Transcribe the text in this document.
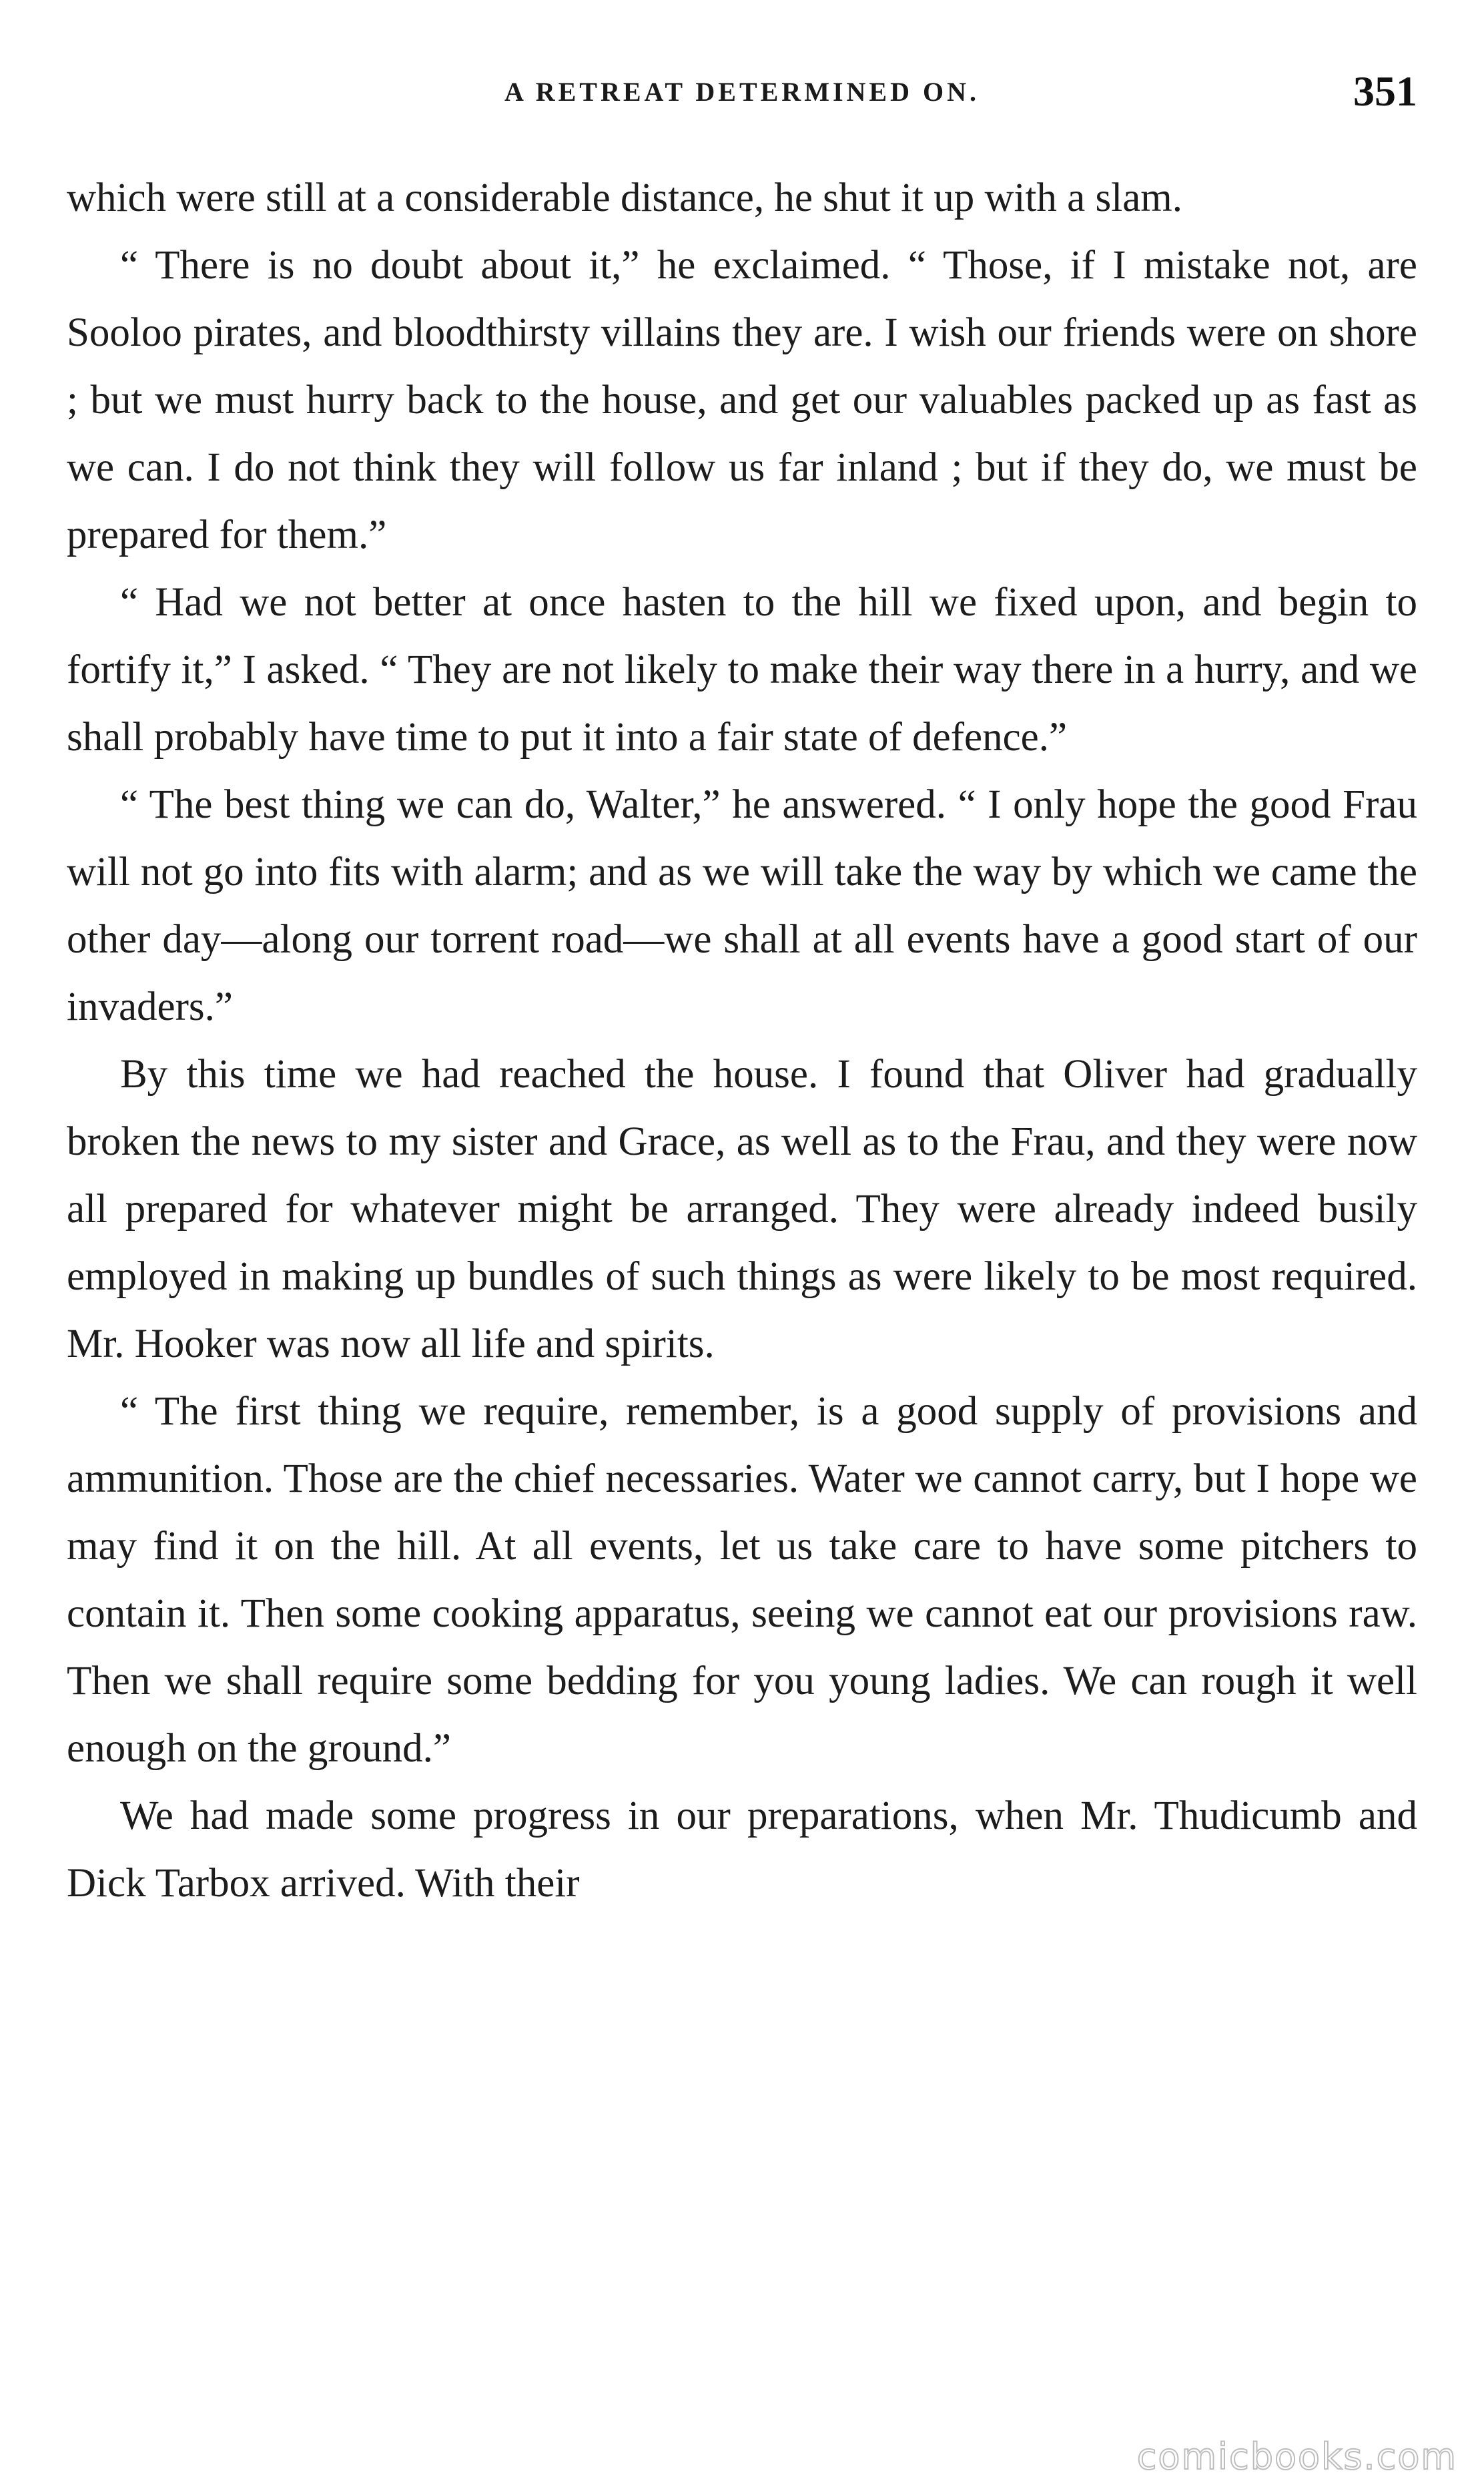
A RETREAT DETERMINED ON.	351

which were still at a considerable distance, he shut it up with a slam.

“ There is no doubt about it,” he exclaimed. “ Those, if I mistake not, are Sooloo pirates, and bloodthirsty villains they are. I wish our friends were on shore ; but we must hurry back to the house, and get our valuables packed up as fast as we can. I do not think they will follow us far inland ; but if they do, we must be prepared for them.”

“ Had we not better at once hasten to the hill we fixed upon, and begin to fortify it,” I asked. “ They are not likely to make their way there in a hurry, and we shall probably have time to put it into a fair state of defence.”

“ The best thing we can do, Walter,” he answered. “ I only hope the good Frau will not go into fits with alarm; and as we will take the way by which we came the other day—along our torrent road—we shall at all events have a good start of our invaders.”

By this time we had reached the house. I found that Oliver had gradually broken the news to my sister and Grace, as well as to the Frau, and they were now all prepared for whatever might be arranged. They were already indeed busily employed in making up bundles of such things as were likely to be most required. Mr. Hooker was now all life and spirits.

“ The first thing we require, remember, is a good supply of provisions and ammunition. Those are the chief necessaries. Water we cannot carry, but I hope we may find it on the hill. At all events, let us take care to have some pitchers to contain it. Then some cooking apparatus, seeing we cannot eat our provisions raw. Then we shall require some bedding for you young ladies. We can rough it well enough on the ground.”

We had made some progress in our preparations, when Mr. Thudicumb and Dick Tarbox arrived. With their

comicbooks.com
